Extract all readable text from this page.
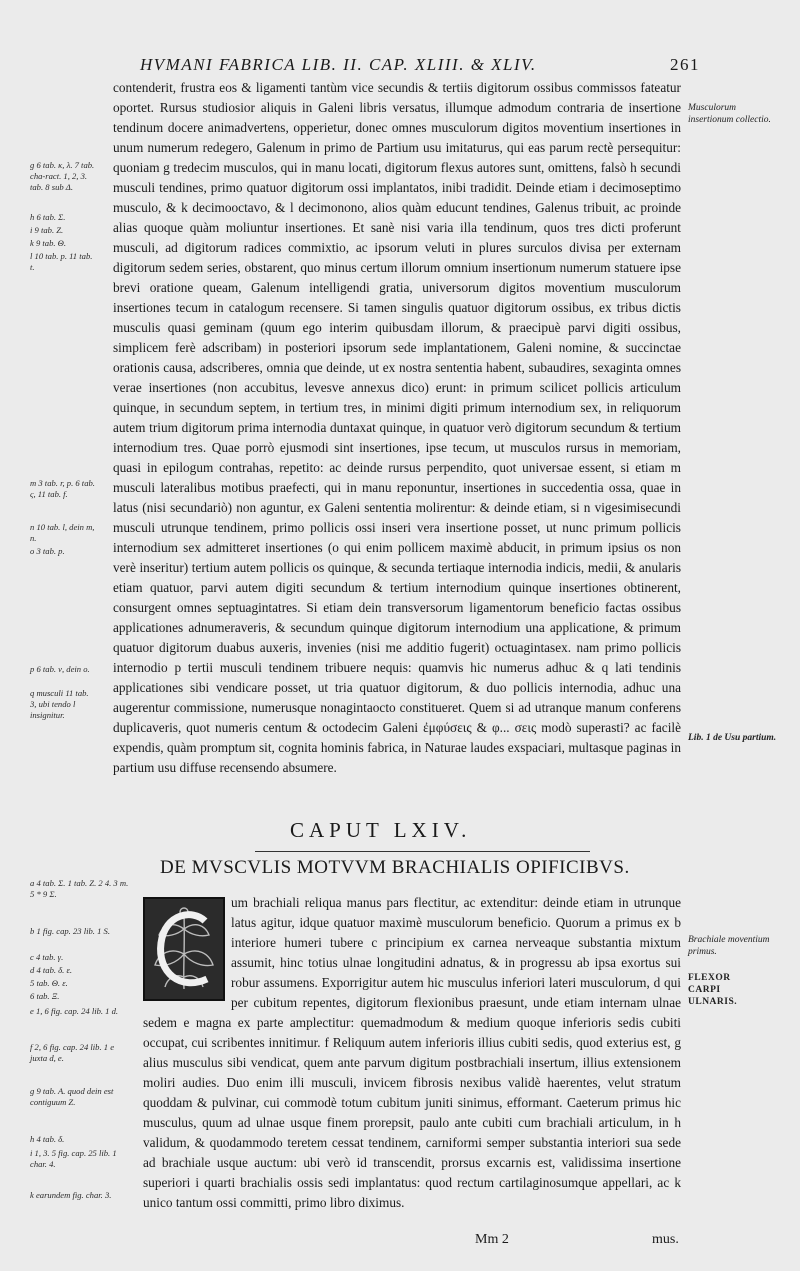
HVMANI FABRICA LIB. II. CAP. XLIII. & XLIV.	261

contenderit, frustra eos & ligamenti tantùm vice secundis & tertiis digitorum ossibus commissos fateatur oportet. Rursus studiosior aliquis in Galeni libris versatus, illumque admodum contraria de insertione tendinum docere animadvertens, opperietur, donec omnes musculorum digitos moventium insertiones in unum numerum redegero, Galenum in primo de Partium usu imitaturus, qui eas parum rectè persequitur: quoniam g tredecim musculos, qui in manu locati, digitorum flexus autores sunt, omittens, falsò h secundi musculi tendines, primo quatuor digitorum ossi implantatos, inibi tradidit. Deinde etiam i decimoseptimo musculo, & k decimooctavo, & l decimonono, alios quàm educunt tendines, Galenus tribuit, ac proinde alias quoque quàm moliuntur insertiones. Et sanè nisi varia illa tendinum, quos tres dicti proferunt musculi, ad digitorum radices commixtio, ac ipsorum veluti in plures surculos divisa per externam digitorum sedem series, obstarent, quo minus certum illorum omnium insertionum numerum statuere ipse brevi oratione queam, Galenum intelligendi gratia, universorum digitos moventium musculorum insertiones tecum in catalogum recensere. Si tamen singulis quatuor digitorum ossibus, ex tribus dictis musculis quasi geminam (quum ego interim quibusdam illorum, & praecipuè parvi digiti ossibus, simplicem ferè adscribam) in posteriori ipsorum sede implantationem, Galeni nomine, & succinctae orationis causa, adscriberes, omnia que deinde, ut ex nostra sententia habent, subaudires, sexaginta omnes verae insertiones (non accubitus, levesve annexus dico) erunt: in primum scilicet pollicis articulum quinque, in secundum septem, in tertium tres, in minimi digiti primum internodium sex, in reliquorum autem trium digitorum prima internodia duntaxat quinque, in quatuor verò digitorum secundum & tertium internodium tres. Quae porrò ejusmodi sint insertiones, ipse tecum, ut musculos rursus in memoriam, quasi in epilogum contrahas, repetito: ac deinde rursus perpendito, quot universae essent, si etiam m musculi lateralibus motibus praefecti, qui in manu reponuntur, insertiones in succedentia ossa, quae in latus (nisi secundariò) non aguntur, ex Galeni sententia molirentur: & deinde etiam, si n vigesimisecundi musculi utrunque tendinem, primo pollicis ossi inseri vera insertione posset, ut nunc primum pollicis internodium sex admitteret insertiones (o qui enim pollicem maximè abducit, in primum ipsius os non verè inseritur) tertium autem pollicis os quinque, & secunda tertiaque internodia indicis, medii, & anularis etiam quatuor, parvi autem digiti secundum & tertium internodium quinque insertiones obtinerent, consurgent omnes septuagintatres. Si etiam dein transversorum ligamentorum beneficio factas ossibus applicationes adnumeraveris, & secundum quinque digitorum internodium una applicatione, & primum quatuor digitorum duabus auxeris, invenies (nisi me additio fugerit) octuagintasex. nam primo pollicis internodio p tertii musculi tendinem tribuere nequis: quamvis hic numerus adhuc & q lati tendinis applicationes sibi vendicare posset, ut tria quatuor digitorum, & duo pollicis internodia, adhuc una augerentur commissione, numerusque nonagintaocto constitueret. Quem si ad utranque manum conferens duplicaveris, quot numeris centum & octodecim Galeni ἐμφύσεις & φ... σεις modò superasti? ac facilè expendis, quàm promptum sit, cognita hominis fabrica, in Naturae laudes exspaciari, multasque paginas in partium usu diffuse recensendo absumere.

g 6 tab. κ, λ. 7 tab. cha-ract. 1, 2, 3. tab. 8 sub Δ.
h 6 tab. Σ.
i 9 tab. Z.
k 9 tab. Θ.
l 10 tab. p. 11 tab. t.
m 3 tab. r, p. 6 tab. ς, 11 tab. f.
n 10 tab. l, dein m, n.
o 3 tab. p.
p 6 tab. ν, dein ο.
q musculi 11 tab. 3, ubi tendo l insignitur.
a 4 tab. Σ. 1 tab. Z. 2 4. 3 m. 5 * 9 Σ.
b 1 fig. cap. 23 lib. 1 S.
c 4 tab. γ.
d 4 tab. δ. ε.
5 tab. Θ. ε.
6 tab. Ξ.
e 1, 6 fig. cap. 24 lib. 1 d.
f 2, 6 fig. cap. 24 lib. 1 e juxta d, e.
g 9 tab. A. quod dein est contiguum Z.
h 4 tab. δ.
i 1, 3. 5 fig. cap. 25 lib. 1 char. 4.
k earundem fig. char. 3.
Musculorum insertionum collectio.
Lib. 1 de Usu partium.
Brachiale moventium primus.
FLEXOR CARPI ULNARIS.
CAPUT LXIV.
DE MVSCVLIS MOTVVM BRACHIALIS OPIFICIBVS.

um brachiali reliqua manus pars flectitur, ac extenditur: deinde etiam in utrunque latus agitur, idque quatuor maximè musculorum beneficio. Quorum a primus ex b interiore humeri tubere c principium ex carnea nerveaque substantia mixtum assumit, hinc totius ulnae longitudini adnatus, & in progressu ab ipsa exortus sui robur assumens. Exporrigitur autem hic musculus inferiori lateri musculorum, d qui per cubitum repentes, digitorum flexionibus praesunt, unde etiam internam ulnae sedem e magna ex parte amplectitur: quemadmodum & medium quoque inferioris sedis cubiti occupat, cui scribentes innitimur. f Reliquum autem inferioris illius cubiti sedis, quod exterius est, g alius musculus sibi vendicat, quem ante parvum digitum postbrachiali insertum, illius extensionem moliri audies. Duo enim illi musculi, invicem fibrosis nexibus validè haerentes, velut stratum quoddam & pulvinar, cui commodè totum cubitum juniti sinimus, efformant. Caeterum primus hic musculus, quum ad ulnae usque finem prorepsit, paulo ante cubiti cum brachiali articulum, in h validum, & quodammodo teretem cessat tendinem, carniformi semper substantia interiori sua sede ad brachiale usque auctum: ubi verò id transcendit, prorsus excarnis est, validissima insertione superiori i quarti brachialis ossis sedi implantatus: quod rectum cartilaginosumque appellari, ac k unico tantum ossi committi, primo libro diximus.

Mm 2	mus.
